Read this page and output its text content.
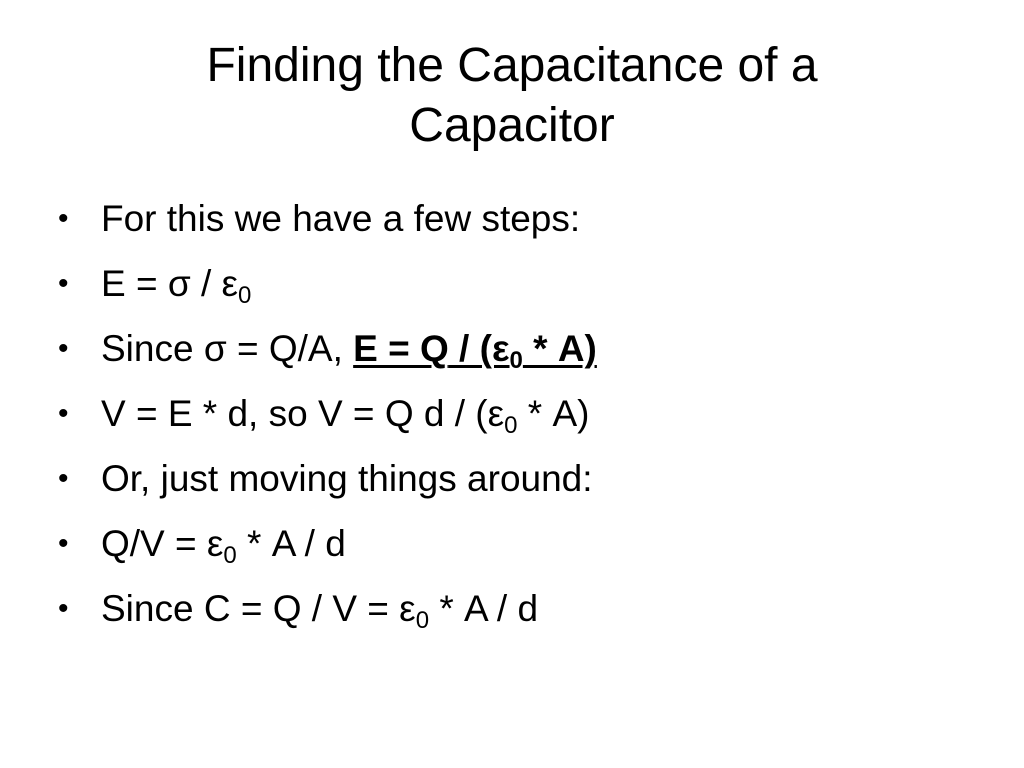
Finding the Capacitance of a
Capacitor
• For this we have a few steps:
• $E = \sigma / \varepsilon_0$
• Since σ = Q/A, $E = Q / (\varepsilon_0 * A)$
• V = E * d, so V = Q d / $(\varepsilon_0 * A)$
• Or, just moving things around:
• $Q/V = \varepsilon_0 * A / d$
• Since $C = Q / V = \varepsilon_0 * A / d$
